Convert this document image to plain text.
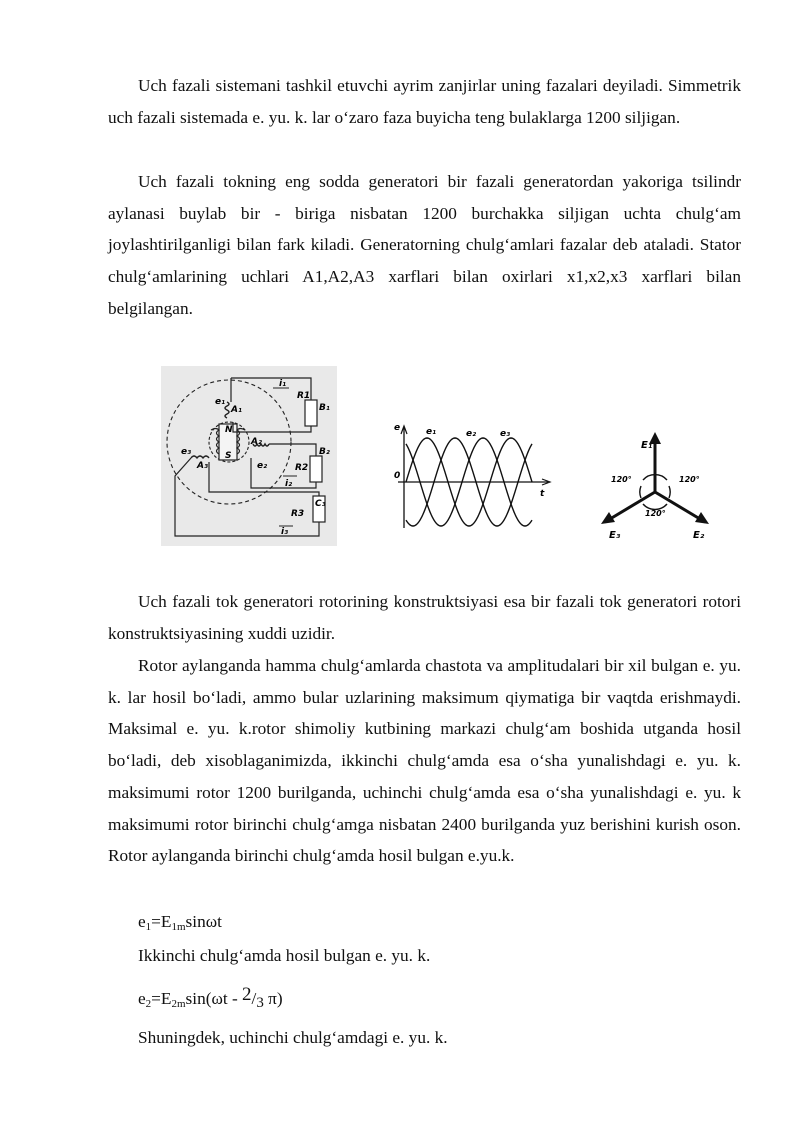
Uch fazali sistemani tashkil etuvchi ayrim zanjirlar uning fazalari deyiladi. Simmetrik uch fazali sistemada e. yu. k. lar oʻzaro faza buyicha teng bulaklarga 1200 siljigan.

Uch fazali tokning eng sodda generatori bir fazali generatordan yakoriga tsilindr aylanasi buylab bir - biriga nisbatan 1200 burchakka siljigan uchta chulgʻam joylashtirilganligi bilan fark kiladi. Generatorning chulgʻamlari fazalar deb ataladi. Stator chulgʻamlarining uchlari A1,A2,A3 xarflari bilan oxirlari x1,x2,x3 xarflari bilan belgilangan.

e₁
A₁
i₁
R1
B₁
N
S
A₂
B₂
e₃
A₃	e₂	R2
i₂
C₃
R3
i₃
e	e₁	e₂	e₃
0
t
E₁
E₂
E₃
120°	120°
120°

Uch fazali tok generatori rotorining konstruktsiyasi esa bir fazali tok generatori rotori konstruktsiyasining xuddi uzidir.

Rotor aylanganda hamma chulgʻamlarda chastota va amplitudalari bir xil bulgan e. yu. k. lar hosil boʻladi, ammo bular uzlarining maksimum qiymatiga bir vaqtda erishmaydi. Maksimal e. yu. k.rotor shimoliy kutbining markazi chulgʻam boshida utganda hosil boʻladi, deb xisoblaganimizda, ikkinchi chulgʻamda esa oʻsha yunalishdagi e. yu. k. maksimumi rotor 1200 burilganda, uchinchi chulgʻamda esa oʻsha yunalishdagi e. yu. k maksimumi rotor birinchi chulgʻamga nisbatan 2400 burilganda yuz berishini kurish oson. Rotor aylanganda birinchi chulgʻamda hosil bulgan e.yu.k.

$e_1=E_{1m}\sin\omega t$

Ikkinchi chulgʻamda hosil bulgan e. yu. k.

$e_2=E_{2m}\sin(\omega t - 2/3$ π)

Shuningdek, uchinchi chulgʻamdagi e. yu. k.
